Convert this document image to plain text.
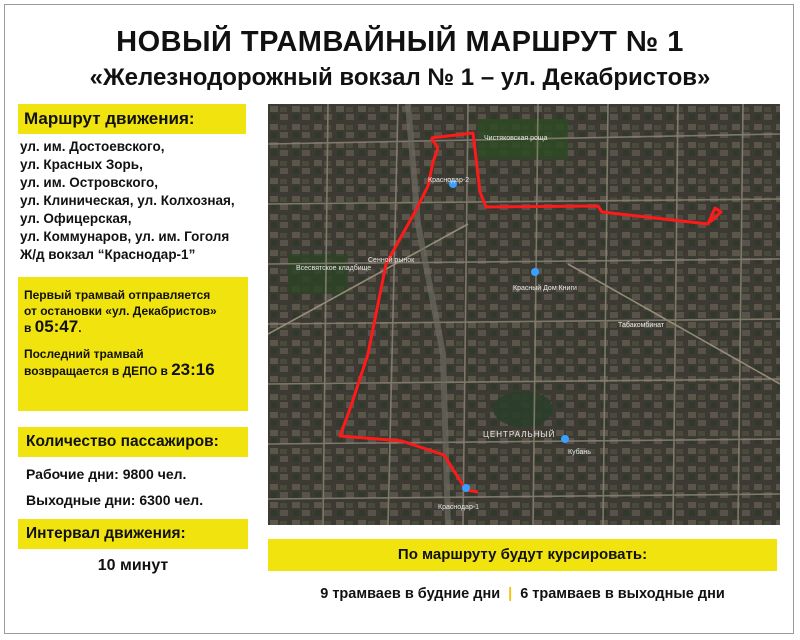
НОВЫЙ ТРАМВАЙНЫЙ МАРШРУТ № 1
«Железнодорожный вокзал № 1 – ул. Декабристов»
Маршрут движения:
ул. им. Достоевского,
ул. Красных Зорь,
ул. им. Островского,
ул. Клиническая, ул. Колхозная,
ул. Офицерская,
ул. Коммунаров, ул. им. Гоголя
Ж/д вокзал “Краснодар-1”
Первый трамвай отправляется
от остановки «ул. Декабристов»
в 05:47.
Последний трамвай
возвращается в ДЕПО в 23:16
Количество пассажиров:
Рабочие дни: 9800 чел.
Выходные дни: 6300 чел.
Интервал движения:
10 минут
Чистяковская роща
Краснодар-2
Всесвятское кладбище
Сенной рынок
Красный Дом Книги
Табакомбинат
ЦЕНТРАЛЬНЫЙ
Краснодар-1
Кубань
По маршруту будут курсировать:
9 трамваев в будние дни | 6 трамваев в выходные дни
